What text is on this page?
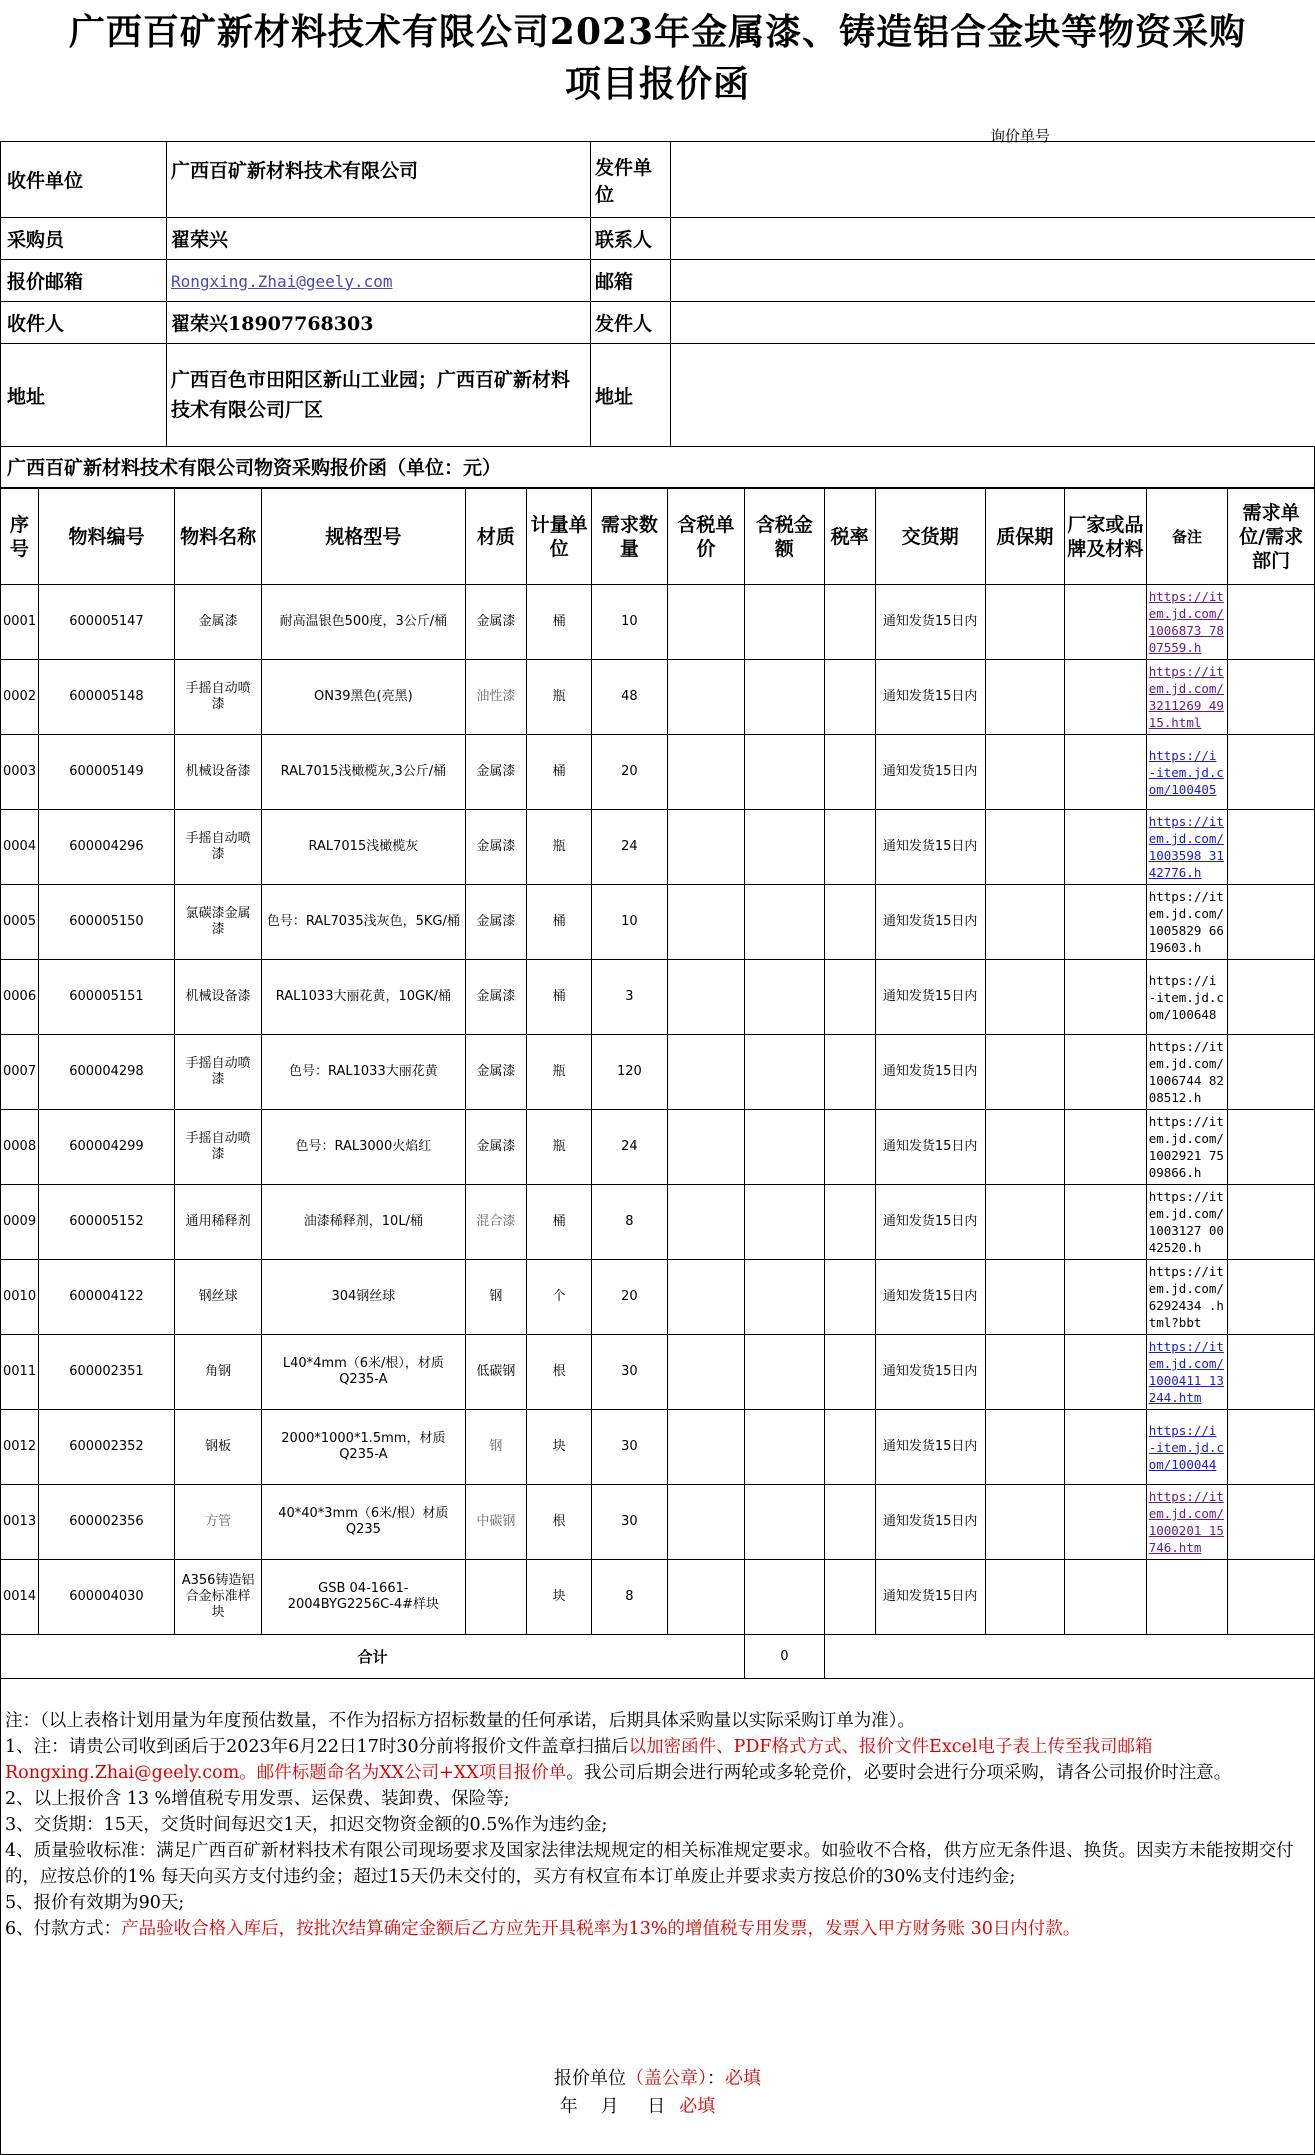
广西百矿新材料技术有限公司2023年金属漆、铸造铝合金块等物资采购
项目报价函
询价单号
收件单位	广西百矿新材料技术有限公司	发件单位	
采购员	翟荣兴	联系人	
报价邮箱	Rongxing.Zhai@geely.com	邮箱	
收件人	翟荣兴18907768303	发件人	
地址	广西百色市田阳区新山工业园；广西百矿新材料技术有限公司厂区	地址	
广西百矿新材料技术有限公司物资采购报价函（单位：元）
序号	物料编号	物料名称	规格型号	材质	计量单位	需求数量	含税单价	含税金额	税率	交货期	质保期	厂家或品牌及材料	备注	需求单位/需求部门
0001	600005147	金属漆	耐高温银色500度，3公斤/桶	金属漆	桶	10				通知发货15日内			https://item.jd.com/1006873 7807559.h	
0002	600005148	手摇自动喷漆	ON39黑色(亮黑)	油性漆	瓶	48				通知发货15日内			https://item.jd.com/3211269 4915.html	
0003	600005149	机械设备漆	RAL7015浅橄榄灰,3公斤/桶	金属漆	桶	20				通知发货15日内			https://i -item.jd.com/100405	
0004	600004296	手摇自动喷漆	RAL7015浅橄榄灰	金属漆	瓶	24				通知发货15日内			https://item.jd.com/1003598 3142776.h	
0005	600005150	氯碳漆金属漆	色号：RAL7035浅灰色，5KG/桶	金属漆	桶	10				通知发货15日内			https://item.jd.com/1005829 6619603.h	
0006	600005151	机械设备漆	RAL1033大丽花黄，10GK/桶	金属漆	桶	3				通知发货15日内			https://i -item.jd.com/100648	
0007	600004298	手摇自动喷漆	色号：RAL1033大丽花黄	金属漆	瓶	120				通知发货15日内			https://item.jd.com/1006744 8208512.h	
0008	600004299	手摇自动喷漆	色号：RAL3000火焰红	金属漆	瓶	24				通知发货15日内			https://item.jd.com/1002921 7509866.h	
0009	600005152	通用稀释剂	油漆稀释剂，10L/桶	混合漆	桶	8				通知发货15日内			https://item.jd.com/1003127 0042520.h	
0010	600004122	钢丝球	304钢丝球	钢	个	20				通知发货15日内			https://item.jd.com/6292434 .html?bbt	
0011	600002351	角钢	L40*4mm（6米/根），材质Q235-A	低碳钢	根	30				通知发货15日内			https://item.jd.com/1000411 13244.htm	
0012	600002352	钢板	2000*1000*1.5mm，材质Q235-A	钢	块	30				通知发货15日内			https://i -item.jd.com/100044	
0013	600002356	方管	40*40*3mm（6米/根）材质Q235	中碳钢	根	30				通知发货15日内			https://item.jd.com/1000201 15746.htm	
0014	600004030	A356铸造铝合金标准样块	GSB 04-1661-2004BYG2256C-4#样块		块	8				通知发货15日内				
合计								0						

注：（以上表格计划用量为年度预估数量，不作为招标方招标数量的任何承诺，后期具体采购量以实际采购订单为准）。

1、注：请贵公司收到函后于2023年6月22日17时30分前将报价文件盖章扫描后以加密函件、PDF格式方式、报价文件Excel电子表上传至我司邮箱Rongxing.Zhai@geely.com。邮件标题命名为XX公司+XX项目报价单。我公司后期会进行两轮或多轮竞价，必要时会进行分项采购，请各公司报价时注意。

2、以上报价含 13 %增值税专用发票、运保费、装卸费、保险等;

3、交货期：15天，交货时间每迟交1天，扣迟交物资金额的0.5%作为违约金;

4、质量验收标准：满足广西百矿新材料技术有限公司现场要求及国家法律法规规定的相关标准规定要求。如验收不合格，供方应无条件退、换货。因卖方未能按期交付的，应按总价的1% 每天向买方支付违约金；超过15天仍未交付的，买方有权宣布本订单废止并要求卖方按总价的30%支付违约金;

5、报价有效期为90天;

6、付款方式：产品验收合格入库后，按批次结算确定金额后乙方应先开具税率为13%的增值税专用发票，发票入甲方财务账 30日内付款。

报价单位（盖公章）：必填
年    月     日 必填
